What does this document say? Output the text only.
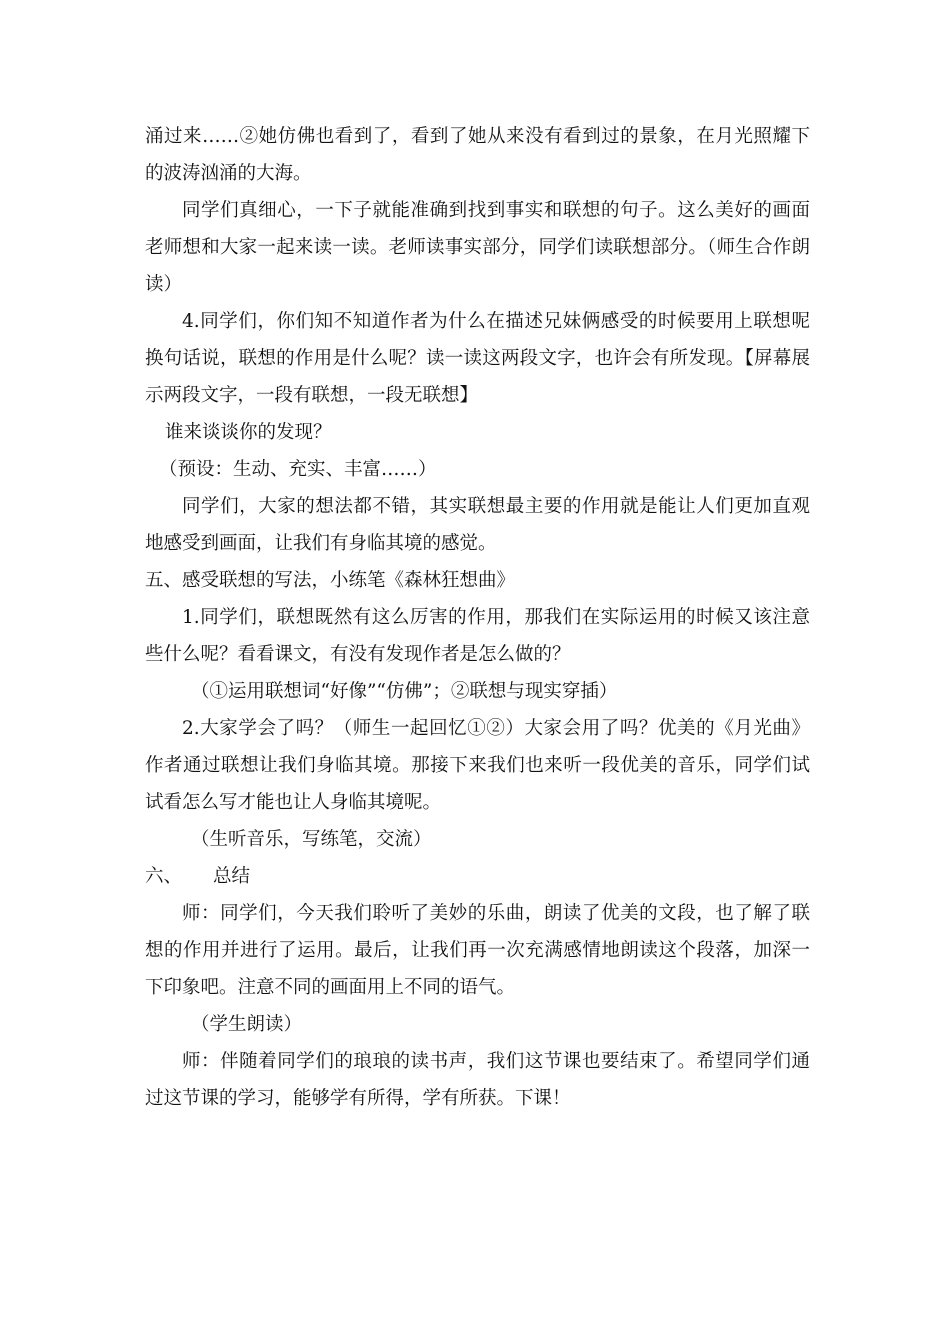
涌过来……②她仿佛也看到了，看到了她从来没有看到过的景象，在月光照耀下的波涛汹涌的大海。

同学们真细心，一下子就能准确到找到事实和联想的句子。这么美好的画面老师想和大家一起来读一读。老师读事实部分，同学们读联想部分。（师生合作朗读）

4.同学们，你们知不知道作者为什么在描述兄妹俩感受的时候要用上联想呢换句话说，联想的作用是什么呢？读一读这两段文字，也许会有所发现。【屏幕展示两段文字，一段有联想，一段无联想】

谁来谈谈你的发现？

（预设：生动、充实、丰富……）

同学们，大家的想法都不错，其实联想最主要的作用就是能让人们更加直观地感受到画面，让我们有身临其境的感觉。

五、感受联想的写法，小练笔《森林狂想曲》

1.同学们，联想既然有这么厉害的作用，那我们在实际运用的时候又该注意些什么呢？看看课文，有没有发现作者是怎么做的？

（①运用联想词“好像”“仿佛”；②联想与现实穿插）

2.大家学会了吗？（师生一起回忆①②）大家会用了吗？优美的《月光曲》作者通过联想让我们身临其境。那接下来我们也来听一段优美的音乐，同学们试试看怎么写才能也让人身临其境呢。

（生听音乐，写练笔，交流）

六、	总结

师：同学们，今天我们聆听了美妙的乐曲，朗读了优美的文段，也了解了联想的作用并进行了运用。最后，让我们再一次充满感情地朗读这个段落，加深一下印象吧。注意不同的画面用上不同的语气。

（学生朗读）

师：伴随着同学们的琅琅的读书声，我们这节课也要结束了。希望同学们通过这节课的学习，能够学有所得，学有所获。下课！
